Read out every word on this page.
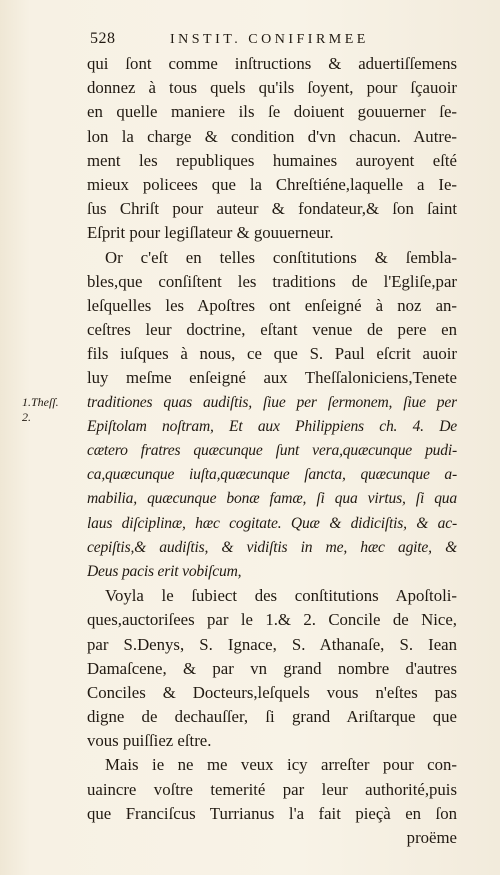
528	INSTIT. CONIFIRMEE
1.Theſſ.
2.
qui ſont comme inſtructions & aduertiſſemens
donnez à tous quels qu'ils ſoyent, pour ſçauoir
en quelle maniere ils ſe doiuent gouuerner ſe-
lon la charge & condition d'vn chacun. Autre-
ment les republiques humaines auroyent eſté
mieux policees que la Chreſtiéne,laquelle a Ie-
ſus Chriſt pour auteur & fondateur,& ſon ſaint
Eſprit pour legiſlateur & gouuerneur.
Or c'eſt en telles conſtitutions & ſembla-
bles,que conſiſtent les traditions de l'Egliſe,par
leſquelles les Apoſtres ont enſeigné à noz an-
ceſtres leur doctrine, eſtant venue de pere en
fils iuſques à nous, ce que S. Paul eſcrit auoir
luy meſme enſeigné aux Theſſaloniciens,Tenete
traditiones quas audiſtis, ſiue per ſermonem, ſiue per
Epiſtolam noſtram, Et aux Philippiens ch. 4. De
cætero fratres quæcunque ſunt vera,quæcunque pudi-
ca,quæcunque iuſta,quæcunque ſancta, quæcunque a-
mabilia, quæcunque bonæ famæ, ſi qua virtus, ſi qua
laus diſciplinæ, hæc cogitate. Quæ & didiciſtis, & ac-
cepiſtis,& audiſtis, & vidiſtis in me, hæc agite, &
Deus pacis erit vobiſcum,
Voyla le ſubiect des conſtitutions Apoſtoli-
ques,auctoriſees par le 1.& 2. Concile de Nice,
par S.Denys, S. Ignace, S. Athanaſe, S. Iean
Damaſcene, & par vn grand nombre d'autres
Conciles & Docteurs,leſquels vous n'eſtes pas
digne de dechauſſer, ſi grand Ariſtarque que
vous puiſſiez eſtre.
Mais ie ne me veux icy arreſter pour con-
uaincre voſtre temerité par leur authorité,puis
que Franciſcus Turrianus l'a fait pieçà en ſon
proëme
